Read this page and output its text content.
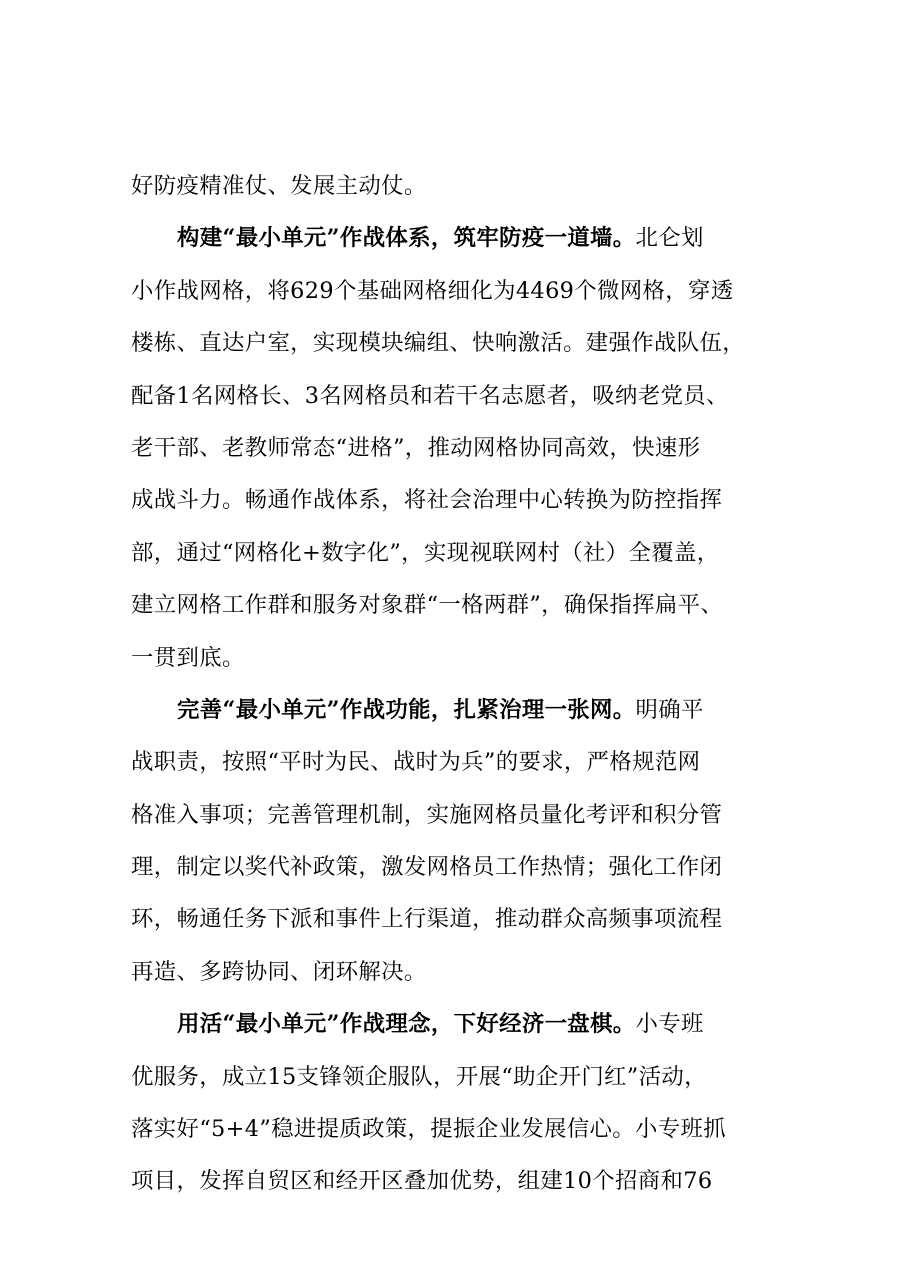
好防疫精准仗、发展主动仗。
构建“最小单元”作战体系，筑牢防疫一道墙。北仑划
小作战网格，将629个基础网格细化为4469个微网格，穿透
楼栋、直达户室，实现模块编组、快响激活。建强作战队伍，
配备1名网格长、3名网格员和若干名志愿者，吸纳老党员、
老干部、老教师常态“进格”，推动网格协同高效，快速形
成战斗力。畅通作战体系，将社会治理中心转换为防控指挥
部，通过“网格化+数字化”，实现视联网村（社）全覆盖，
建立网格工作群和服务对象群“一格两群”，确保指挥扁平、
一贯到底。
完善“最小单元”作战功能，扎紧治理一张网。明确平
战职责，按照“平时为民、战时为兵”的要求，严格规范网
格准入事项；完善管理机制，实施网格员量化考评和积分管
理，制定以奖代补政策，激发网格员工作热情；强化工作闭
环，畅通任务下派和事件上行渠道，推动群众高频事项流程
再造、多跨协同、闭环解决。
用活“最小单元”作战理念，下好经济一盘棋。小专班
优服务，成立15支锋领企服队，开展“助企开门红”活动，
落实好“5+4”稳进提质政策，提振企业发展信心。小专班抓
项目，发挥自贸区和经开区叠加优势，组建10个招商和76
